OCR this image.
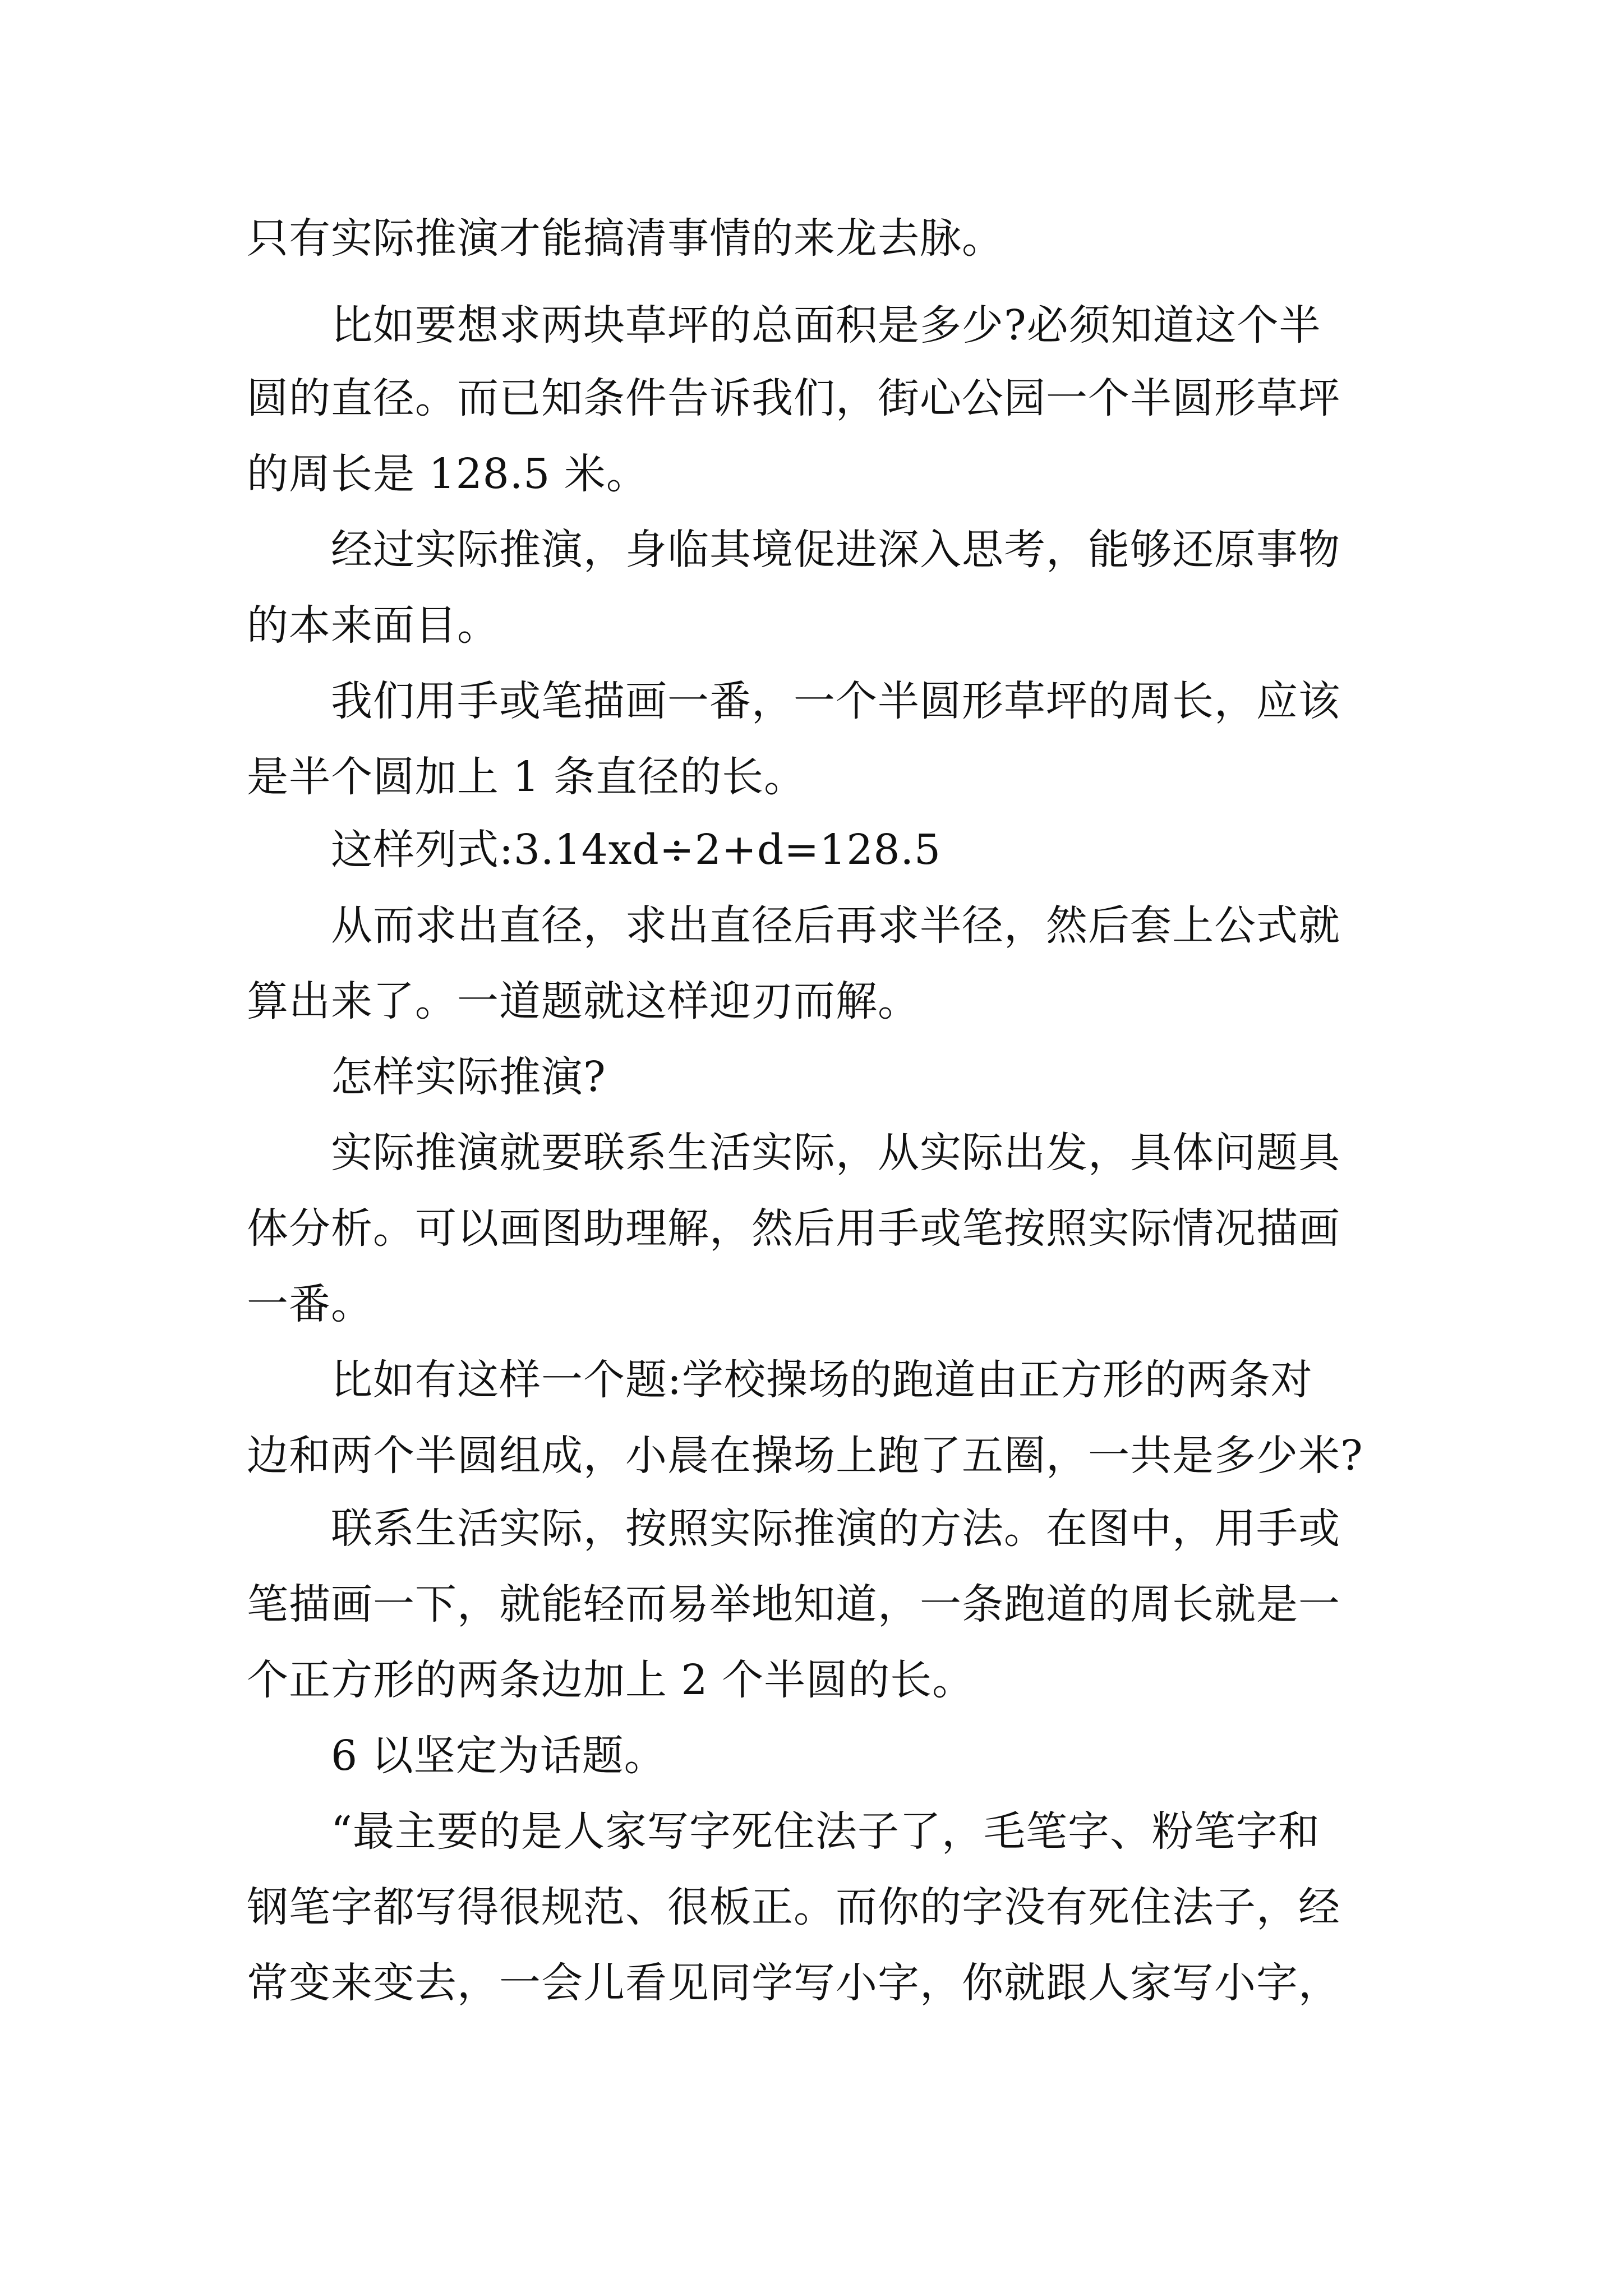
只有实际推演才能搞清事情的来龙去脉。

比如要想求两块草坪的总面积是多少?必须知道这个半

圆的直径。而已知条件告诉我们，街心公园一个半圆形草坪

的周长是 128.5 米。

经过实际推演，身临其境促进深入思考，能够还原事物

的本来面目。

我们用手或笔描画一番，一个半圆形草坪的周长，应该

是半个圆加上 1 条直径的长。

这样列式:3.14xd÷2+d=128.5

从而求出直径，求出直径后再求半径，然后套上公式就

算出来了。一道题就这样迎刃而解。

怎样实际推演?

实际推演就要联系生活实际，从实际出发，具体问题具

体分析。可以画图助理解，然后用手或笔按照实际情况描画

一番。

比如有这样一个题:学校操场的跑道由正方形的两条对

边和两个半圆组成，小晨在操场上跑了五圈，一共是多少米?

联系生活实际，按照实际推演的方法。在图中，用手或

笔描画一下，就能轻而易举地知道，一条跑道的周长就是一

个正方形的两条边加上 2 个半圆的长。

6 以坚定为话题。

“最主要的是人家写字死住法子了，毛笔字、粉笔字和

钢笔字都写得很规范、很板正。而你的字没有死住法子，经

常变来变去，一会儿看见同学写小字，你就跟人家写小字，
